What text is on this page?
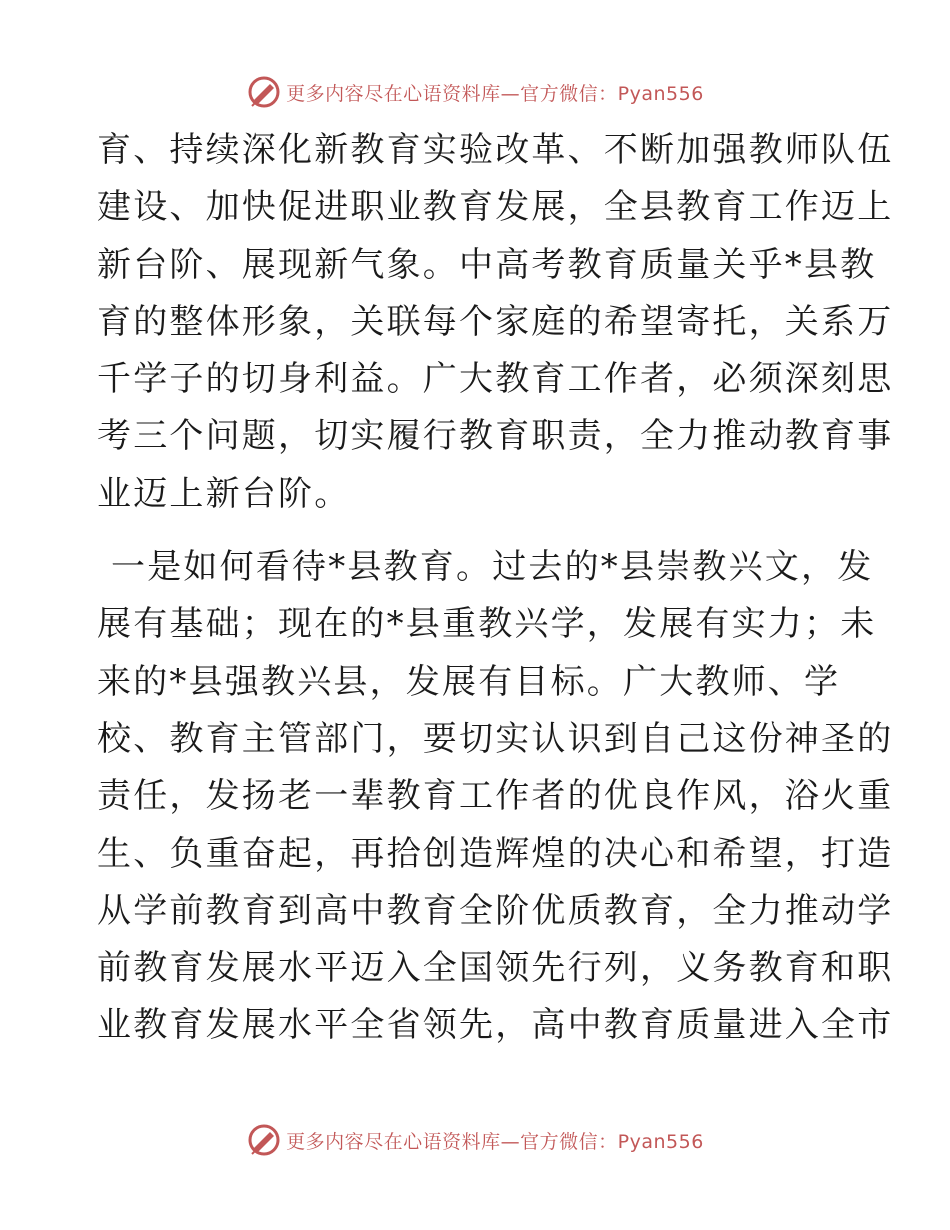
更多内容尽在心语资料库—官方微信：Pyan556
育、持续深化新教育实验改革、不断加强教师队伍
建设、加快促进职业教育发展，全县教育工作迈上
新台阶、展现新气象。中高考教育质量关乎*县教
育的整体形象，关联每个家庭的希望寄托，关系万
千学子的切身利益。广大教育工作者，必须深刻思
考三个问题，切实履行教育职责，全力推动教育事
业迈上新台阶。
一是如何看待*县教育。过去的*县崇教兴文，发
展有基础；现在的*县重教兴学，发展有实力；未
来的*县强教兴县，发展有目标。广大教师、学
校、教育主管部门，要切实认识到自己这份神圣的
责任，发扬老一辈教育工作者的优良作风，浴火重
生、负重奋起，再拾创造辉煌的决心和希望，打造
从学前教育到高中教育全阶优质教育，全力推动学
前教育发展水平迈入全国领先行列，义务教育和职
业教育发展水平全省领先，高中教育质量进入全市
更多内容尽在心语资料库—官方微信：Pyan556
